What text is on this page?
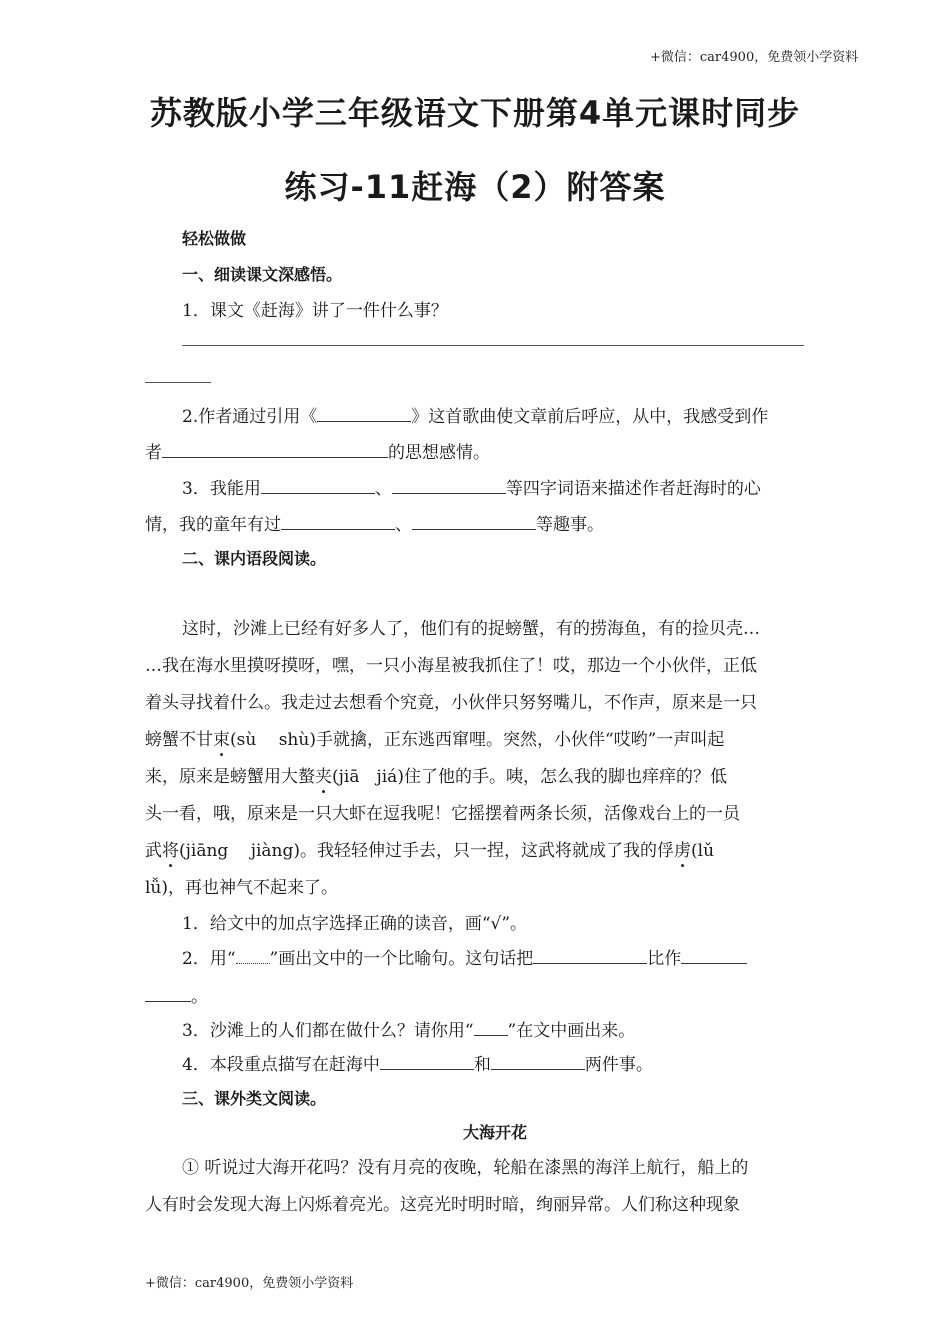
+微信：car4900，免费领小学资料
苏教版小学三年级语文下册第4单元课时同步
练习-11赶海（2）附答案
轻松做做
一、细读课文深感悟。
1．课文《赶海》讲了一件什么事？
2.作者通过引用《	》这首歌曲使文章前后呼应，从中，我感受到作
者	的思想感情。
3．我能用	、	等四字词语来描述作者赶海时的心
情，我的童年有过	、	等趣事。
二、课内语段阅读。
这时，沙滩上已经有好多人了，他们有的捉螃蟹，有的捞海鱼，有的捡贝壳…
…我在海水里摸呀摸呀，嘿，一只小海星被我抓住了！哎，那边一个小伙伴，正低
着头寻找着什么。我走过去想看个究竟，小伙伴只努努嘴儿，不作声，原来是一只
螃蟹不甘束(sù　 shù)手就擒，正东逃西窜哩。突然，小伙伴“哎哟”一声叫起
来，原来是螃蟹用大螯夹(jiā　jiá)住了他的手。咦，怎么我的脚也痒痒的？低
头一看，哦，原来是一只大虾在逗我呢！它摇摆着两条长须，活像戏台上的一员
武将(jiāng　 jiàng)。我轻轻伸过手去，只一捏，这武将就成了我的俘虏(lǔ
lǚ)，再也神气不起来了。
1．给文中的加点字选择正确的读音，画“√”。
2．用“ ”画出文中的一个比喻句。这句话把	比作
。
3．沙滩上的人们都在做什么？请你用“ ”在文中画出来。
4．本段重点描写在赶海中	和	两件事。
三、课外类文阅读。
大海开花
① 听说过大海开花吗？没有月亮的夜晚，轮船在漆黑的海洋上航行，船上的
人有时会发现大海上闪烁着亮光。这亮光时明时暗，绚丽异常。人们称这种现象
+微信：car4900，免费领小学资料
